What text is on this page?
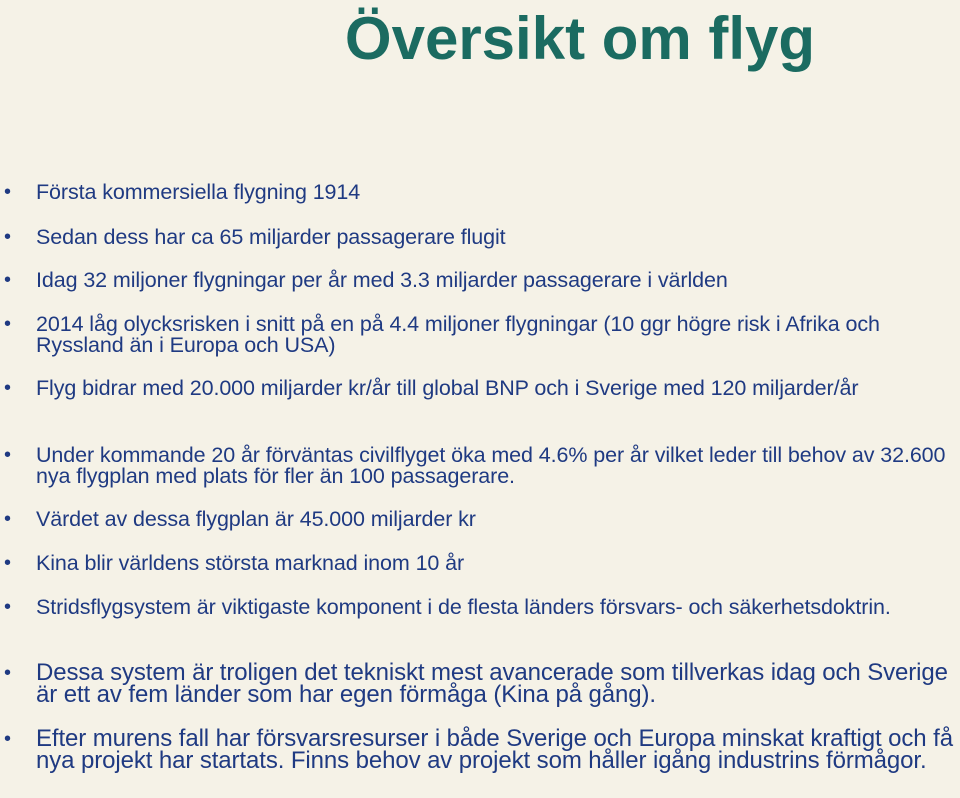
Översikt om flyg
• Första kommersiella flygning 1914
• Sedan dess har ca 65 miljarder passagerare flugit
• Idag 32 miljoner flygningar per år med 3.3 miljarder passagerare i världen
• 2014 låg olycksrisken i snitt på en på 4.4 miljoner flygningar (10 ggr högre risk i Afrika och Ryssland än i Europa och USA)
• Flyg bidrar med 20.000 miljarder kr/år till global BNP och i Sverige med 120 miljarder/år
• Under kommande 20 år förväntas civilflyget öka med 4.6% per år vilket leder till behov av 32.600 nya flygplan med plats för fler än 100 passagerare.
• Värdet av dessa flygplan är 45.000 miljarder kr
• Kina blir världens största marknad inom 10 år
• Stridsflygsystem är viktigaste komponent i de flesta länders försvars- och säkerhetsdoktrin.
• Dessa system är troligen det tekniskt mest avancerade som tillverkas idag och Sverige är ett av fem länder som har egen förmåga (Kina på gång).
• Efter murens fall har försvarsresurser i både Sverige och Europa minskat kraftigt och få nya projekt har startats. Finns behov av projekt som håller igång industrins förmågor.
